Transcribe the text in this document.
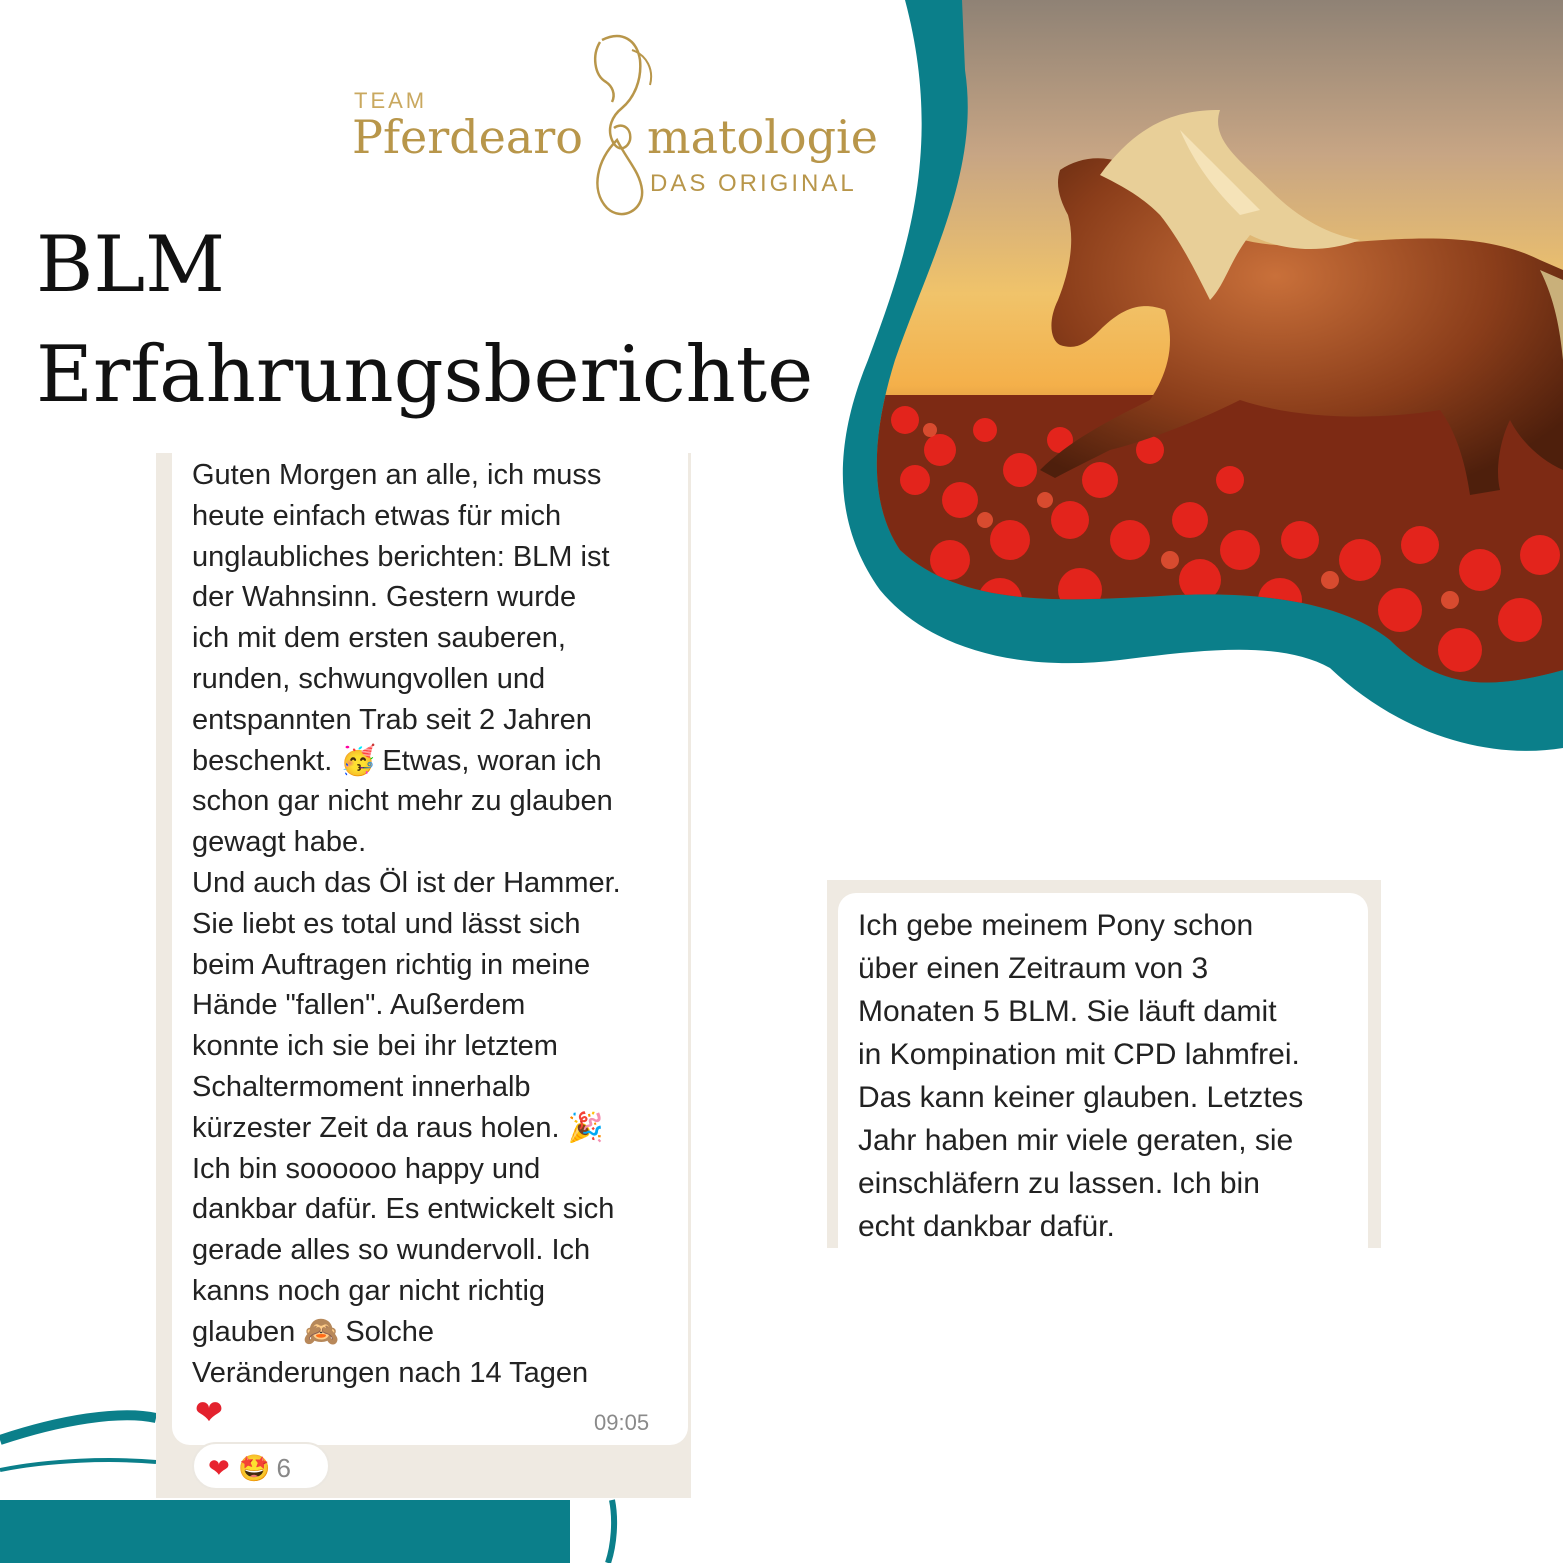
TEAM
Pferdearo matologie
DAS ORIGINAL
BLM
Erfahrungsberichte
Guten Morgen an alle, ich muss
heute einfach etwas für mich
unglaubliches berichten: BLM ist
der Wahnsinn. Gestern wurde
ich mit dem ersten sauberen,
runden, schwungvollen und
entspannten Trab seit 2 Jahren
beschenkt. 🥳 Etwas, woran ich
schon gar nicht mehr zu glauben
gewagt habe.
Und auch das Öl ist der Hammer.
Sie liebt es total und lässt sich
beim Auftragen richtig in meine
Hände "fallen". Außerdem
konnte ich sie bei ihr letztem
Schaltermoment innerhalb
kürzester Zeit da raus holen. 🎉
Ich bin soooooo happy und
dankbar dafür. Es entwickelt sich
gerade alles so wundervoll. Ich
kanns noch gar nicht richtig
glauben 🙈 Solche
Veränderungen nach 14 Tagen
❤	09:05
❤ 🤩 6
Ich gebe meinem Pony schon
über einen Zeitraum von 3
Monaten 5 BLM. Sie läuft damit
in Kompination mit CPD lahmfrei.
Das kann keiner glauben. Letztes
Jahr haben mir viele geraten, sie
einschläfern zu lassen. Ich bin
echt dankbar dafür.
